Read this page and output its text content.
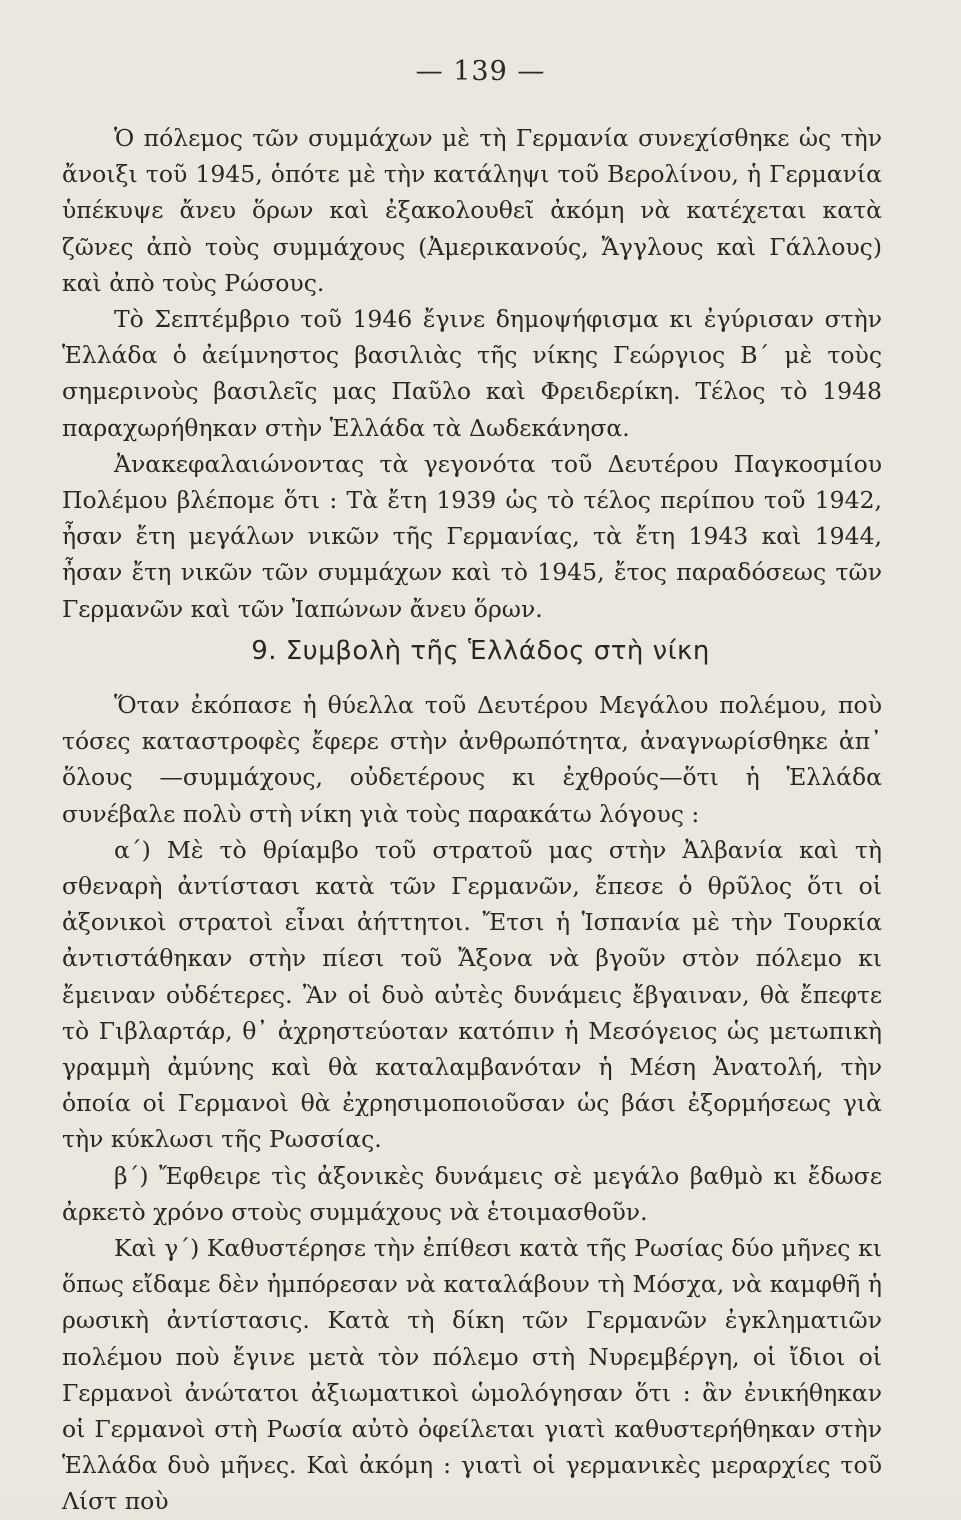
— 139 —

Ὁ πόλεμος τῶν συμμάχων μὲ τὴ Γερμανία συνεχίσθηκε ὡς τὴν ἄνοιξι τοῦ 1945, ὁπότε μὲ τὴν κατάληψι τοῦ Βερολίνου, ἡ Γερμανία ὑπέκυψε ἄνευ ὅρων καὶ ἐξακολουθεῖ ἀκόμη νὰ κατέχεται κατὰ ζῶνες ἀπὸ τοὺς συμμάχους (Ἀμερικανούς, Ἄγγλους καὶ Γάλλους) καὶ ἀπὸ τοὺς Ρώσους.

Τὸ Σεπτέμβριο τοῦ 1946 ἔγινε δημοψήφισμα κι ἐγύρισαν στὴν Ἑλλάδα ὁ ἀείμνηστος βασιλιὰς τῆς νίκης Γεώργιος Β΄ μὲ τοὺς σημερινοὺς βασιλεῖς μας Παῦλο καὶ Φρειδερίκη. Τέλος τὸ 1948 παραχωρήθηκαν στὴν Ἑλλάδα τὰ Δωδεκάνησα.

Ἀνακεφαλαιώνοντας τὰ γεγονότα τοῦ Δευτέρου Παγκοσμίου Πολέμου βλέπομε ὅτι : Τὰ ἔτη 1939 ὡς τὸ τέλος περίπου τοῦ 1942, ἦσαν ἔτη μεγάλων νικῶν τῆς Γερμανίας, τὰ ἔτη 1943 καὶ 1944, ἦσαν ἔτη νικῶν τῶν συμμάχων καὶ τὸ 1945, ἔτος παραδόσεως τῶν Γερμανῶν καὶ τῶν Ἰαπώνων ἄνευ ὅρων.

9. Συμβολὴ τῆς Ἑλλάδος στὴ νίκη

Ὅταν ἐκόπασε ἡ θύελλα τοῦ Δευτέρου Μεγάλου πολέμου, ποὺ τόσες καταστροφὲς ἔφερε στὴν ἀνθρωπότητα, ἀναγνωρίσθηκε ἀπ᾿ ὅλους —συμμάχους, οὐδετέρους κι ἐχθρούς—ὅτι ἡ Ἑλλάδα συνέβαλε πολὺ στὴ νίκη γιὰ τοὺς παρακάτω λόγους :

α΄) Μὲ τὸ θρίαμβο τοῦ στρατοῦ μας στὴν Ἀλβανία καὶ τὴ σθεναρὴ ἀντίστασι κατὰ τῶν Γερμανῶν, ἔπεσε ὁ θρῦλος ὅτι οἱ ἀξονικοὶ στρατοὶ εἶναι ἀήττητοι. Ἔτσι ἡ Ἱσπανία μὲ τὴν Τουρκία ἀντιστάθηκαν στὴν πίεσι τοῦ Ἄξονα νὰ βγοῦν στὸν πόλεμο κι ἔμειναν οὐδέτερες. Ἂν οἱ δυὸ αὐτὲς δυνάμεις ἔβγαιναν, θὰ ἔπεφτε τὸ Γιβλαρτάρ, θ᾿ ἀχρηστεύοταν κατόπιν ἡ Μεσόγειος ὡς μετωπικὴ γραμμὴ ἀμύνης καὶ θὰ καταλαμβανόταν ἡ Μέση Ἀνατολή, τὴν ὁποία οἱ Γερμανοὶ θὰ ἐχρησιμοποιοῦσαν ὡς βάσι ἐξορμήσεως γιὰ τὴν κύκλωσι τῆς Ρωσσίας.

β΄) Ἔφθειρε τὶς ἀξονικὲς δυνάμεις σὲ μεγάλο βαθμὸ κι ἔδωσε ἀρκετὸ χρόνο στοὺς συμμάχους νὰ ἑτοιμασθοῦν.

Καὶ γ΄) Καθυστέρησε τὴν ἐπίθεσι κατὰ τῆς Ρωσίας δύο μῆνες κι ὅπως εἴδαμε δὲν ἠμπόρεσαν νὰ καταλάβουν τὴ Μόσχα, νὰ καμφθῆ ἡ ρωσικὴ ἀντίστασις. Κατὰ τὴ δίκη τῶν Γερμανῶν ἐγκληματιῶν πολέμου ποὺ ἔγινε μετὰ τὸν πόλεμο στὴ Νυρεμβέργη, οἱ ἴδιοι οἱ Γερμανοὶ ἀνώτατοι ἀξιωματικοὶ ὡμολόγησαν ὅτι : ἂν ἐνικήθηκαν οἱ Γερμανοὶ στὴ Ρωσία αὐτὸ ὀφείλεται γιατὶ καθυστερήθηκαν στὴν Ἑλλάδα δυὸ μῆνες. Καὶ ἀκόμη : γιατὶ οἱ γερμανικὲς μεραρχίες τοῦ Λίστ ποὺ
